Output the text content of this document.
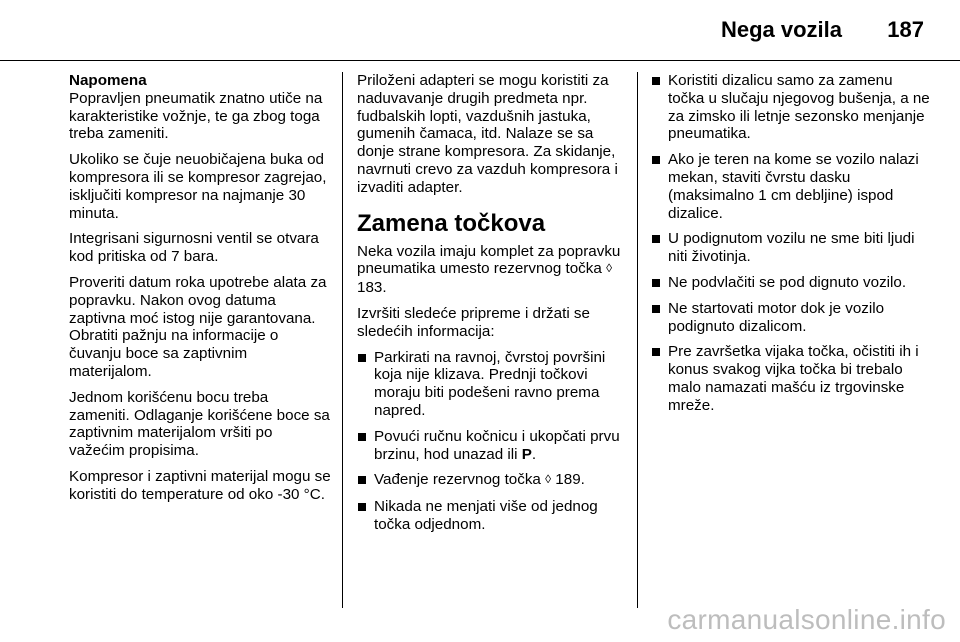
Nega vozila 187
Napomena

Popravljen pneumatik znatno utiče na karakteristike vožnje, te ga zbog toga treba zameniti.

Ukoliko se čuje neuobičajena buka od kompresora ili se kompresor zagrejao, isključiti kompresor na najmanje 30 minuta.

Integrisani sigurnosni ventil se otvara kod pritiska od 7 bara.

Proveriti datum roka upotrebe alata za popravku. Nakon ovog datuma zaptivna moć istog nije garantovana. Obratiti pažnju na informacije o čuvanju boce sa zaptivnim materijalom.

Jednom korišćenu bocu treba zameniti. Odlaganje korišćene boce sa zaptivnim materijalom vršiti po važećim propisima.

Kompresor i zaptivni materijal mogu se koristiti do temperature od oko -30 °C.

Priloženi adapteri se mogu koristiti za naduvavanje drugih predmeta npr. fudbalskih lopti, vazdušnih jastuka, gumenih čamaca, itd. Nalaze se sa donje strane kompresora. Za skidanje, navrnuti crevo za vazduh kompresora i izvaditi adapter.

Zamena točkova

Neka vozila imaju komplet za popravku pneumatika umesto rezervnog točka ◊ 183.

Izvršiti sledeće pripreme i držati se sledećih informacija:

Parkirati na ravnoj, čvrstoj površini koja nije klizava. Prednji točkovi moraju biti podešeni ravno prema napred.
Povući ručnu kočnicu i ukopčati prvu brzinu, hod unazad ili P.
Vađenje rezervnog točka ◊ 189.
Nikada ne menjati više od jednog točka odjednom.
Koristiti dizalicu samo za zamenu točka u slučaju njegovog bušenja, a ne za zimsko ili letnje sezonsko menjanje pneumatika.
Ako je teren na kome se vozilo nalazi mekan, staviti čvrstu dasku (maksimalno 1 cm debljine) ispod dizalice.
U podignutom vozilu ne sme biti ljudi niti životinja.
Ne podvlačiti se pod dignuto vozilo.
Ne startovati motor dok je vozilo podignuto dizalicom.
Pre završetka vijaka točka, očistiti ih i konus svakog vijka točka bi trebalo malo namazati mašću iz trgovinske mreže.
carmanualsonline.info
